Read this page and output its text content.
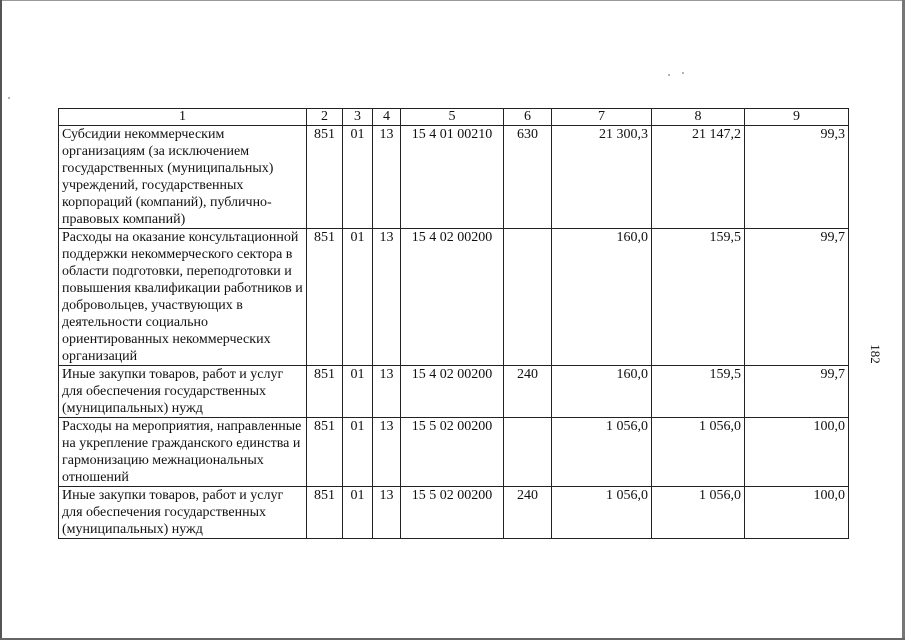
1	2	3	4	5	6	7	8	9
Субсидии некоммерческим организациям (за исключением государственных (муниципальных) учреждений, государственных корпораций (компаний), публично-правовых компаний)	851	01	13	15 4 01 00210	630	21 300,3	21 147,2	99,3
Расходы на оказание консультационной поддержки некоммерческого сектора в области подготовки, переподготовки и повышения квалификации работников и добровольцев, участвующих в деятельности социально ориентированных некоммерческих организаций	851	01	13	15 4 02 00200		160,0	159,5	99,7
Иные закупки товаров, работ и услуг для обеспечения государственных (муниципальных) нужд	851	01	13	15 4 02 00200	240	160,0	159,5	99,7
Расходы на мероприятия, направленные на укрепление гражданского единства и гармонизацию межнациональных отношений	851	01	13	15 5 02 00200		1 056,0	1 056,0	100,0
Иные закупки товаров, работ и услуг для обеспечения государственных (муниципальных) нужд	851	01	13	15 5 02 00200	240	1 056,0	1 056,0	100,0
182
